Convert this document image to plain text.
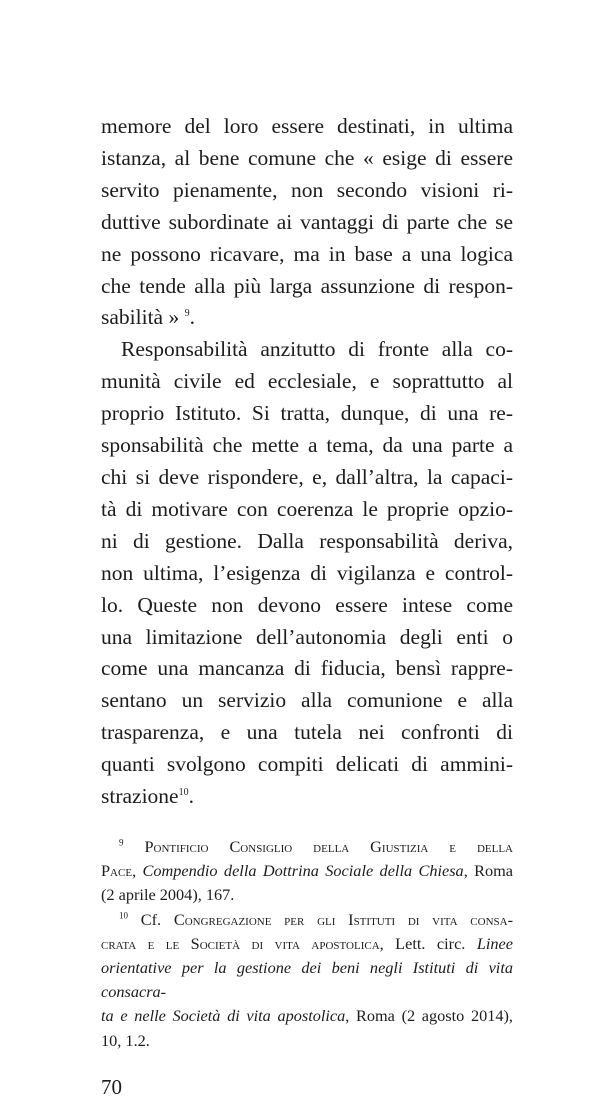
memore del loro essere destinati, in ultima
istanza, al bene comune che « esige di essere
servito pienamente, non secondo visioni ri-
duttive subordinate ai vantaggi di parte che se
ne possono ricavare, ma in base a una logica
che tende alla più larga assunzione di respon-
sabilità » $^9$.
Responsabilità anzitutto di fronte alla co-
munità civile ed ecclesiale, e soprattutto al
proprio Istituto. Si tratta, dunque, di una re-
sponsabilità che mette a tema, da una parte a
chi si deve rispondere, e, dall’altra, la capaci-
tà di motivare con coerenza le proprie opzio-
ni di gestione. Dalla responsabilità deriva,
non ultima, l’esigenza di vigilanza e control-
lo. Queste non devono essere intese come
una limitazione dell’autonomia degli enti o
come una mancanza di fiducia, bensì rappre-
sentano un servizio alla comunione e alla
trasparenza, e una tutela nei confronti di
quanti svolgono compiti delicati di ammini-
strazione$^{10}$.
$^9$ Pontificio Consiglio della Giustizia e della
Pace, Compendio della Dottrina Sociale della Chiesa, Roma
(2 aprile 2004), 167.
$^{10}$ Cf. Congregazione per gli Istituti di vita consa-
crata e le Società di vita apostolica, Lett. circ. Linee
orientative per la gestione dei beni negli Istituti di vita consacra-
ta e nelle Società di vita apostolica, Roma (2 agosto 2014),
10, 1.2.
70
